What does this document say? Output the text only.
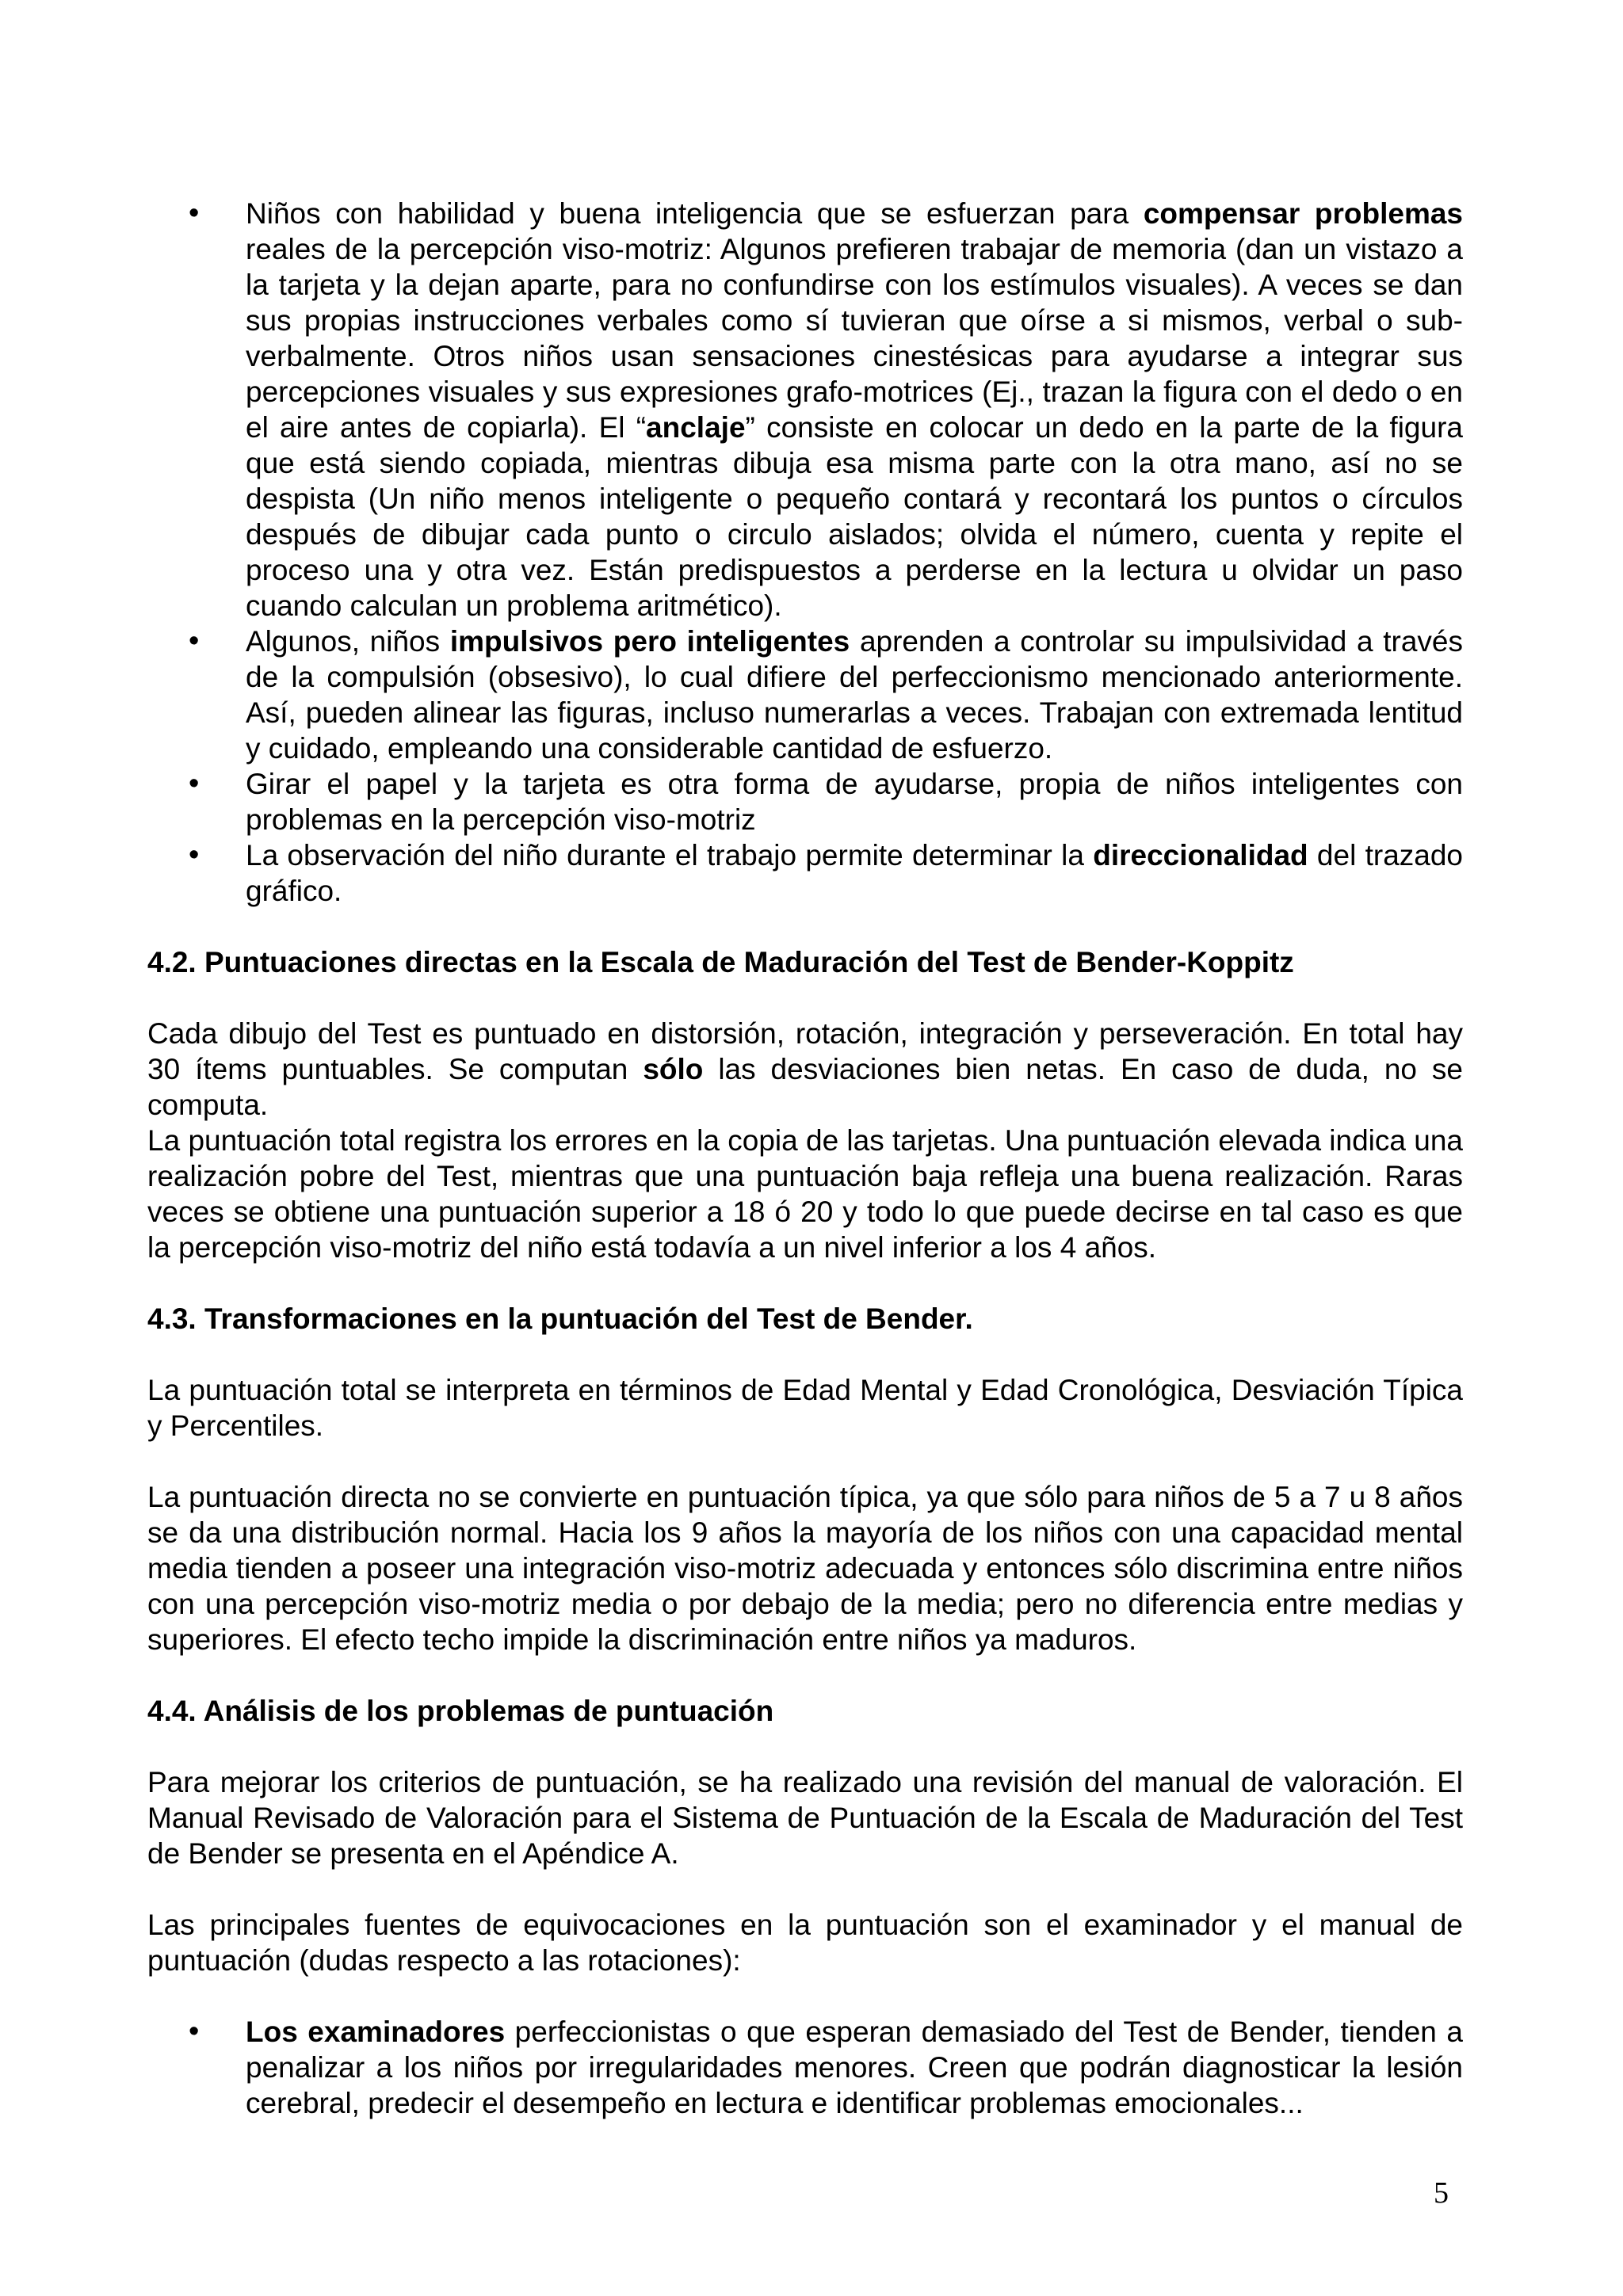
• Niños con habilidad y buena inteligencia que se esfuerzan para compensar problemas reales de la percepción viso-motriz: Algunos prefieren trabajar de memoria (dan un vistazo a la tarjeta y la dejan aparte, para no confundirse con los estímulos visuales). A veces se dan sus propias instrucciones verbales como sí tuvieran que oírse a si mismos, verbal o sub-verbalmente. Otros niños usan sensaciones cinestésicas para ayudarse a integrar sus percepciones visuales y sus expresiones grafo-motrices (Ej., trazan la figura con el dedo o en el aire antes de copiarla). El “anclaje” consiste en colocar un dedo en la parte de la figura que está siendo copiada, mientras dibuja esa misma parte con la otra mano, así no se despista (Un niño menos inteligente o pequeño contará y recontará los puntos o círculos después de dibujar cada punto o circulo aislados; olvida el número, cuenta y repite el proceso una y otra vez. Están predispuestos a perderse en la lectura u olvidar un paso cuando calculan un problema aritmético).
• Algunos, niños impulsivos pero inteligentes aprenden a controlar su impulsividad a través de la compulsión (obsesivo), lo cual difiere del perfeccionismo mencionado anteriormente. Así, pueden alinear las figuras, incluso numerarlas a veces. Trabajan con extremada lentitud y cuidado, empleando una considerable cantidad de esfuerzo.
• Girar el papel y la tarjeta es otra forma de ayudarse, propia de niños inteligentes con problemas en la percepción viso-motriz
• La observación del niño durante el trabajo permite determinar la direccionalidad del trazado gráfico.
4.2. Puntuaciones directas en la Escala de Maduración del Test de Bender-Koppitz

Cada dibujo del Test es puntuado en distorsión, rotación, integración y perseveración. En total hay 30 ítems puntuables. Se computan sólo las desviaciones bien netas. En caso de duda, no se computa.

La puntuación total registra los errores en la copia de las tarjetas. Una puntuación elevada indica una realización pobre del Test, mientras que una puntuación baja refleja una buena realización. Raras veces se obtiene una puntuación superior a 18 ó 20 y todo lo que puede decirse en tal caso es que la percepción viso-motriz del niño está todavía a un nivel inferior a los 4 años.

4.3. Transformaciones en la puntuación del Test de Bender.

La puntuación total se interpreta en términos de Edad Mental y Edad Cronológica, Desviación Típica y Percentiles.

La puntuación directa no se convierte en puntuación típica, ya que sólo para niños de 5 a 7 u 8 años se da una distribución normal. Hacia los 9 años la mayoría de los niños con una capacidad mental media tienden a poseer una integración viso-motriz adecuada y entonces sólo discrimina entre niños con una percepción viso-motriz media o por debajo de la media; pero no diferencia entre medias y superiores. El efecto techo impide la discriminación entre niños ya maduros.

4.4. Análisis de los problemas de puntuación

Para mejorar los criterios de puntuación, se ha realizado una revisión del manual de valoración. El Manual Revisado de Valoración para el Sistema de Puntuación de la Escala de Maduración del Test de Bender se presenta en el Apéndice A.

Las principales fuentes de equivocaciones en la puntuación son el examinador y el manual de puntuación (dudas respecto a las rotaciones):

• Los examinadores perfeccionistas o que esperan demasiado del Test de Bender, tienden a penalizar a los niños por irregularidades menores. Creen que podrán diagnosticar la lesión cerebral, predecir el desempeño en lectura e identificar problemas emocionales...
5
